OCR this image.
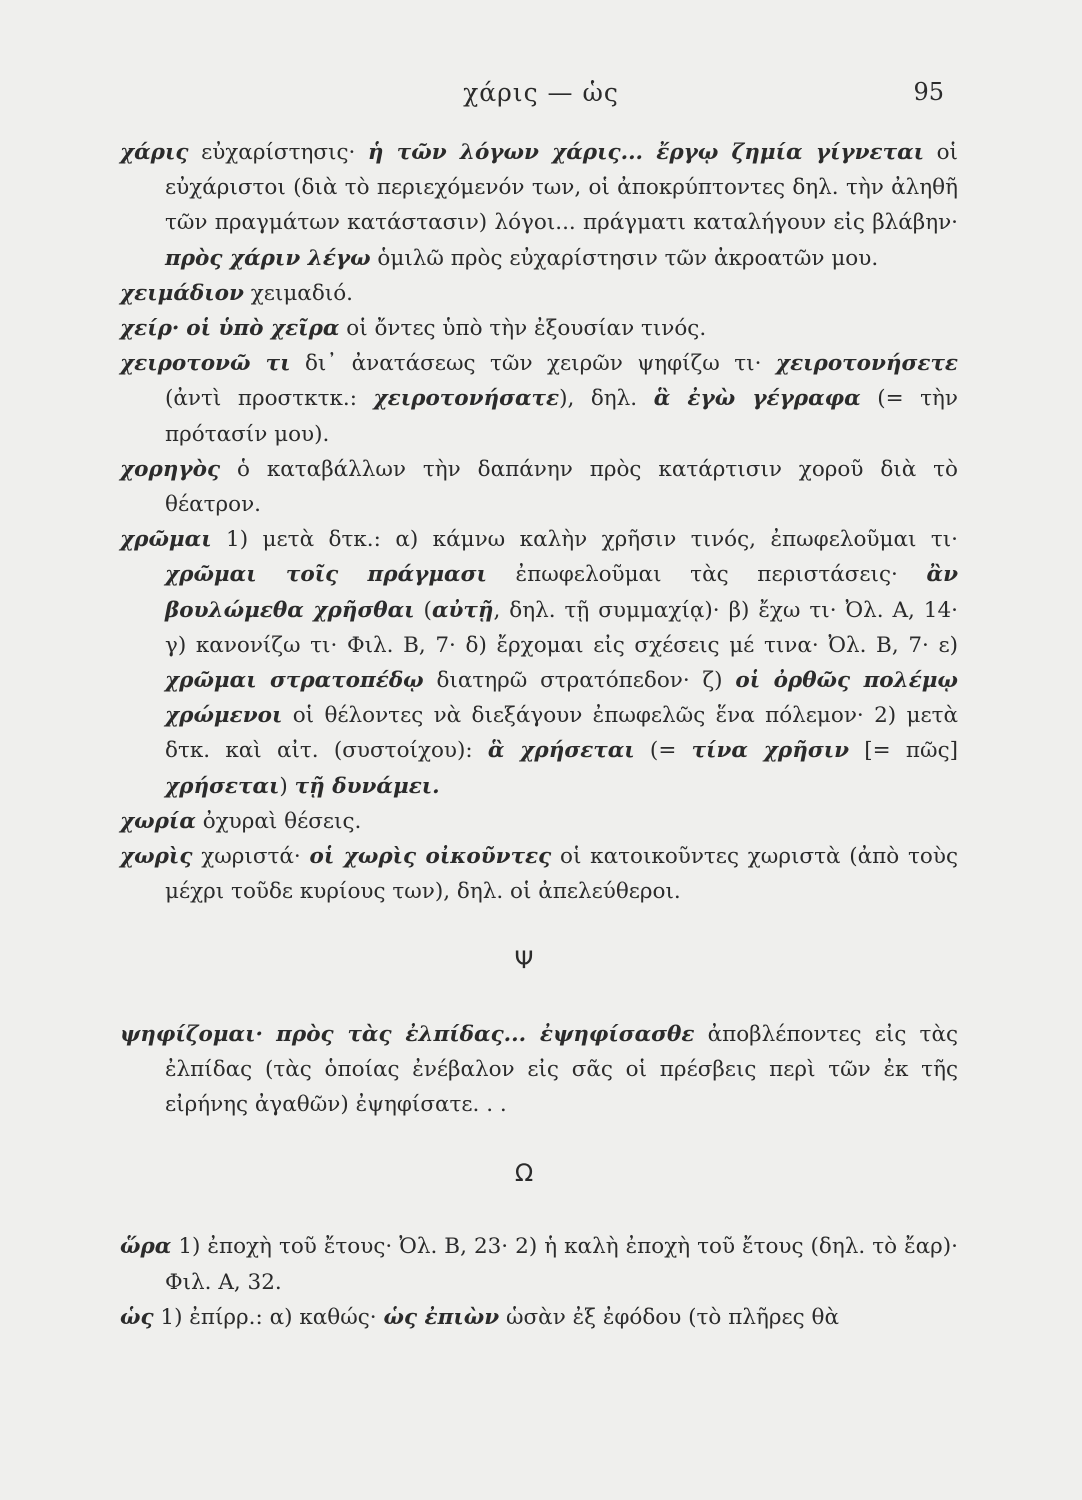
χάρις — ὡς	95

χάρις εὐχαρίστησις· ἡ τῶν λόγων χάρις... ἔργῳ ζημία γίγνεται οἱ εὐχάριστοι (διὰ τὸ περιεχόμενόν των, οἱ ἀποκρύπτοντες δηλ. τὴν ἀληθῆ τῶν πραγμάτων κατάστασιν) λόγοι... πράγματι καταλήγουν εἰς βλάβην· πρὸς χάριν λέγω ὁμιλῶ πρὸς εὐχαρίστησιν τῶν ἀκροατῶν μου.

χειμάδιον χειμαδιό.

χείρ· οἱ ὑπὸ χεῖρα οἱ ὄντες ὑπὸ τὴν ἐξουσίαν τινός.

χειροτονῶ τι δι᾽ ἀνατάσεως τῶν χειρῶν ψηφίζω τι· χειροτονήσετε (ἀντὶ προστκτκ.: χειροτονήσατε), δηλ. ἃ ἐγὼ γέγραφα (= τὴν πρότασίν μου).

χορηγὸς ὁ καταβάλλων τὴν δαπάνην πρὸς κατάρτισιν χοροῦ διὰ τὸ θέατρον.

χρῶμαι 1) μετὰ δτκ.: α) κάμνω καλὴν χρῆσιν τινός, ἐπωφελοῦμαι τι· χρῶμαι τοῖς πράγμασι ἐπωφελοῦμαι τὰς περιστάσεις· ἂν βουλώμεθα χρῆσθαι (αὐτῇ, δηλ. τῇ συμμαχίᾳ)· β) ἔχω τι· Ὀλ. Α, 14· γ) κανονίζω τι· Φιλ. Β, 7· δ) ἔρχομαι εἰς σχέσεις μέ τινα· Ὀλ. Β, 7· ε) χρῶμαι στρατοπέδῳ διατηρῶ στρατόπεδον· ζ) οἱ ὀρθῶς πολέμῳ χρώμενοι οἱ θέλοντες νὰ διεξάγουν ἐπωφελῶς ἕνα πόλεμον· 2) μετὰ δτκ. καὶ αἰτ. (συστοίχου): ἃ χρήσεται (= τίνα χρῆσιν [= πῶς] χρήσεται) τῇ δυνάμει.

χωρία ὀχυραὶ θέσεις.

χωρὶς χωριστά· οἱ χωρὶς οἰκοῦντες οἱ κατοικοῦντες χωριστὰ (ἀπὸ τοὺς μέχρι τοῦδε κυρίους των), δηλ. οἱ ἀπελεύθεροι.

Ψ

ψηφίζομαι· πρὸς τὰς ἐλπίδας... ἐψηφίσασθε ἀποβλέποντες εἰς τὰς ἐλπίδας (τὰς ὁποίας ἐνέβαλον εἰς σᾶς οἱ πρέσβεις περὶ τῶν ἐκ τῆς εἰρήνης ἀγαθῶν) ἐψηφίσατε. . .

Ω

ὥρα 1) ἐποχὴ τοῦ ἔτους· Ὀλ. Β, 23· 2) ἡ καλὴ ἐποχὴ τοῦ ἔτους (δηλ. τὸ ἔαρ)· Φιλ. Α, 32.

ὡς 1) ἐπίρρ.: α) καθώς· ὡς ἐπιὼν ὡσὰν ἐξ ἐφόδου (τὸ πλῆρες θὰ
